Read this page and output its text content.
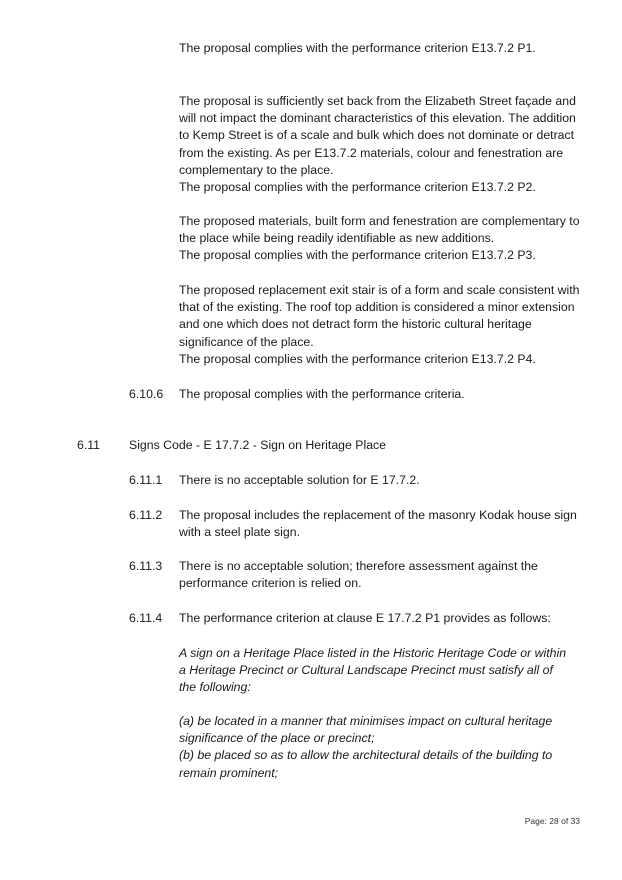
The proposal complies with the performance criterion E13.7.2 P1.

The proposal is sufficiently set back from the Elizabeth Street façade and
will not impact the dominant characteristics of this elevation. The addition
to Kemp Street is of a scale and bulk which does not dominate or detract
from the existing. As per E13.7.2 materials, colour and fenestration are
complementary to the place.
The proposal complies with the performance criterion E13.7.2 P2.
The proposed materials, built form and fenestration are complementary to
the place while being readily identifiable as new additions.
The proposal complies with the performance criterion E13.7.2 P3.
The proposed replacement exit stair is of a form and scale consistent with
that of the existing. The roof top addition is considered a minor extension
and one which does not detract form the historic cultural heritage
significance of the place.
The proposal complies with the performance criterion E13.7.2 P4.

6.10.6 The proposal complies with the performance criteria.

6.11 Signs Code - E 17.7.2 - Sign on Heritage Place

6.11.1 There is no acceptable solution for E 17.7.2.

6.11.2 The proposal includes the replacement of the masonry Kodak house sign
with a steel plate sign.

6.11.3 There is no acceptable solution; therefore assessment against the
performance criterion is relied on.

6.11.4 The performance criterion at clause E 17.7.2 P1 provides as follows:

A sign on a Heritage Place listed in the Historic Heritage Code or within
a Heritage Precinct or Cultural Landscape Precinct must satisfy all of
the following:
(a) be located in a manner that minimises impact on cultural heritage
significance of the place or precinct;
(b) be placed so as to allow the architectural details of the building to
remain prominent;
Page: 28 of 33
